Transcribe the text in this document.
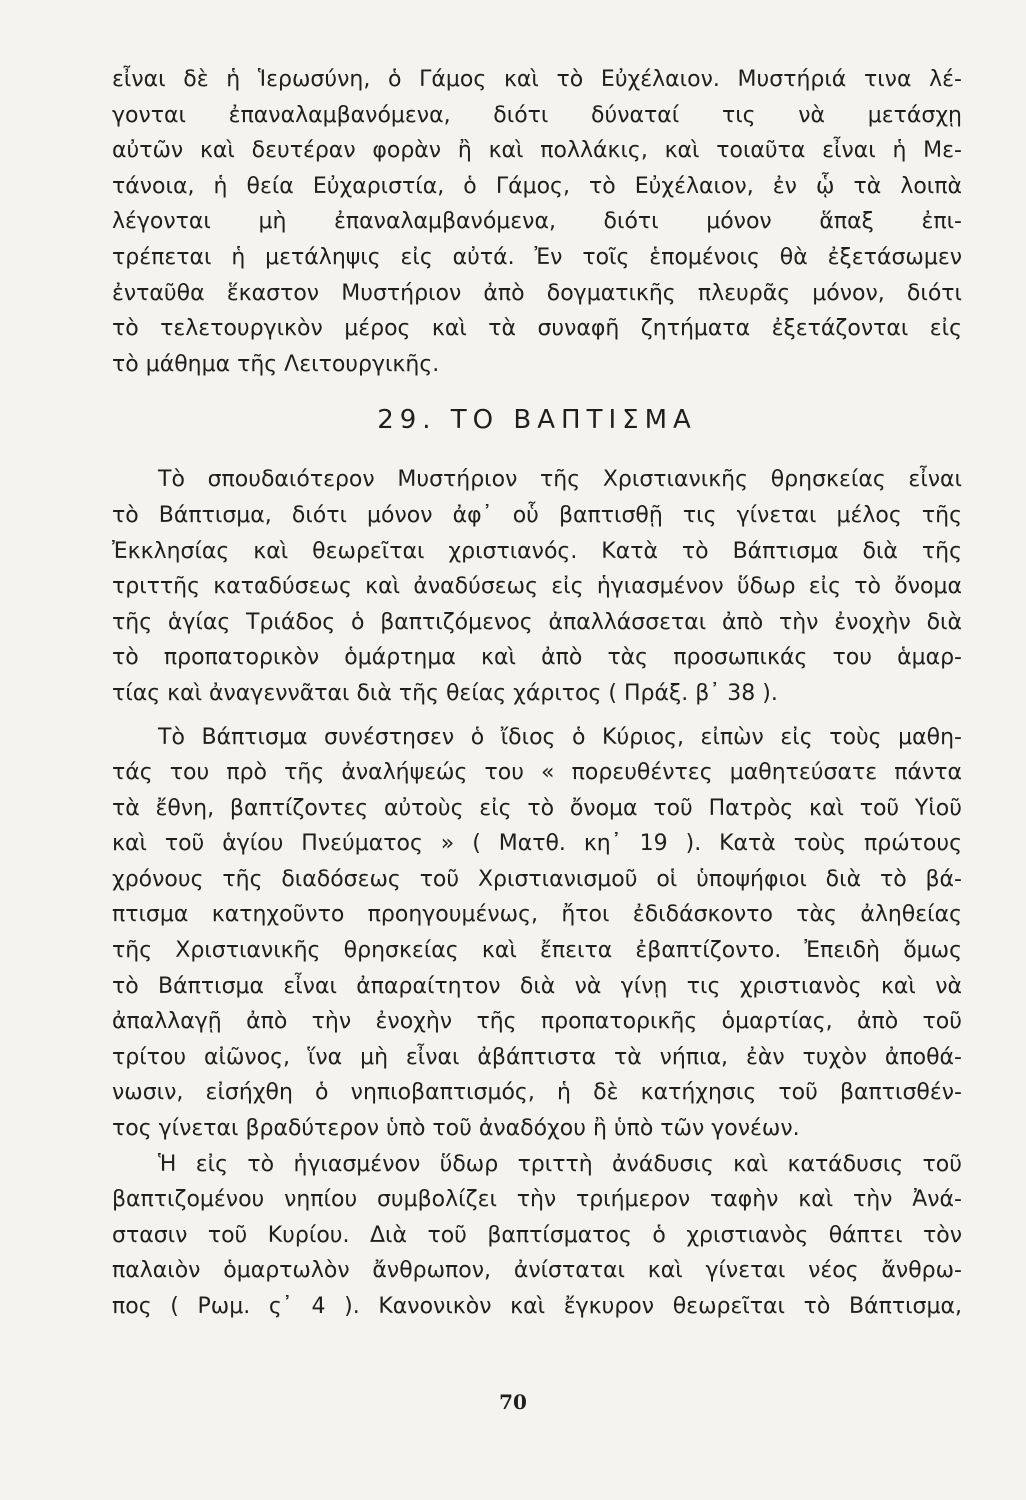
εἶναι δὲ ἡ Ἱερωσύνη, ὁ Γάμος καὶ τὸ Εὐχέλαιον. Μυστήριά τινα λέ-
γονται ἐπαναλαμβανόμενα, διότι δύναταί τις νὰ μετάσχῃ
αὐτῶν καὶ δευτέραν φορὰν ἢ καὶ πολλάκις, καὶ τοιαῦτα εἶναι ἡ Με-
τάνοια, ἡ θεία Εὐχαριστία, ὁ Γάμος, τὸ Εὐχέλαιον, ἐν ᾧ τὰ λοιπὰ
λέγονται μὴ ἐπαναλαμβανόμενα, διότι μόνον ἅπαξ ἐπι-
τρέπεται ἡ μετάληψις εἰς αὐτά. Ἐν τοῖς ἑπομένοις θὰ ἐξετάσωμεν
ἐνταῦθα ἕκαστον Μυστήριον ἀπὸ δογματικῆς πλευρᾶς μόνον, διότι
τὸ τελετουργικὸν μέρος καὶ τὰ συναφῆ ζητήματα ἐξετάζονται εἰς
τὸ μάθημα τῆς Λειτουργικῆς.
29. ΤΟ ΒΑΠΤΙΣΜΑ
Τὸ σπουδαιότερον Μυστήριον τῆς Χριστιανικῆς θρησκείας εἶναι
τὸ Βάπτισμα, διότι μόνον ἀφ᾽ οὗ βαπτισθῇ τις γίνεται μέλος τῆς
Ἐκκλησίας καὶ θεωρεῖται χριστιανός. Κατὰ τὸ Βάπτισμα διὰ τῆς
τριττῆς καταδύσεως καὶ ἀναδύσεως εἰς ἡγιασμένον ὕδωρ εἰς τὸ ὄνομα
τῆς ἁγίας Τριάδος ὁ βαπτιζόμενος ἀπαλλάσσεται ἀπὸ τὴν ἐνοχὴν διὰ
τὸ προπατορικὸν ὁμάρτημα καὶ ἀπὸ τὰς προσωπικάς του ἁμαρ-
τίας καὶ ἀναγεννᾶται διὰ τῆς θείας χάριτος ( Πράξ. β᾽ 38 ).
Τὸ Βάπτισμα συνέστησεν ὁ ἴδιος ὁ Κύριος, εἰπὼν εἰς τοὺς μαθη-
τάς του πρὸ τῆς ἀναλήψεώς του « πορευθέντες μαθητεύσατε πάντα
τὰ ἔθνη, βαπτίζοντες αὐτοὺς εἰς τὸ ὄνομα τοῦ Πατρὸς καὶ τοῦ Υἱοῦ
καὶ τοῦ ἁγίου Πνεύματος » ( Ματθ. κη᾽ 19 ). Κατὰ τοὺς πρώτους
χρόνους τῆς διαδόσεως τοῦ Χριστιανισμοῦ οἱ ὑποψήφιοι διὰ τὸ βά-
πτισμα κατηχοῦντο προηγουμένως, ἤτοι ἐδιδάσκοντο τὰς ἀληθείας
τῆς Χριστιανικῆς θρησκείας καὶ ἔπειτα ἐβαπτίζοντο. Ἐπειδὴ ὅμως
τὸ Βάπτισμα εἶναι ἀπαραίτητον διὰ νὰ γίνῃ τις χριστιανὸς καὶ νὰ
ἀπαλλαγῇ ἀπὸ τὴν ἐνοχὴν τῆς προπατορικῆς ὁμαρτίας, ἀπὸ τοῦ
τρίτου αἰῶνος, ἵνα μὴ εἶναι ἀβάπτιστα τὰ νήπια, ἐὰν τυχὸν ἀποθά-
νωσιν, εἰσήχθη ὁ νηπιοβαπτισμός, ἡ δὲ κατήχησις τοῦ βαπτισθέν-
τος γίνεται βραδύτερον ὑπὸ τοῦ ἀναδόχου ἢ ὑπὸ τῶν γονέων.
Ἡ εἰς τὸ ἡγιασμένον ὕδωρ τριττὴ ἀνάδυσις καὶ κατάδυσις τοῦ
βαπτιζομένου νηπίου συμβολίζει τὴν τριήμερον ταφὴν καὶ τὴν Ἀνά-
στασιν τοῦ Κυρίου. Διὰ τοῦ βαπτίσματος ὁ χριστιανὸς θάπτει τὸν
παλαιὸν ὁμαρτωλὸν ἄνθρωπον, ἀνίσταται καὶ γίνεται νέος ἄνθρω-
πος ( Ρωμ. ς᾽ 4 ). Κανονικὸν καὶ ἔγκυρον θεωρεῖται τὸ Βάπτισμα,
70
